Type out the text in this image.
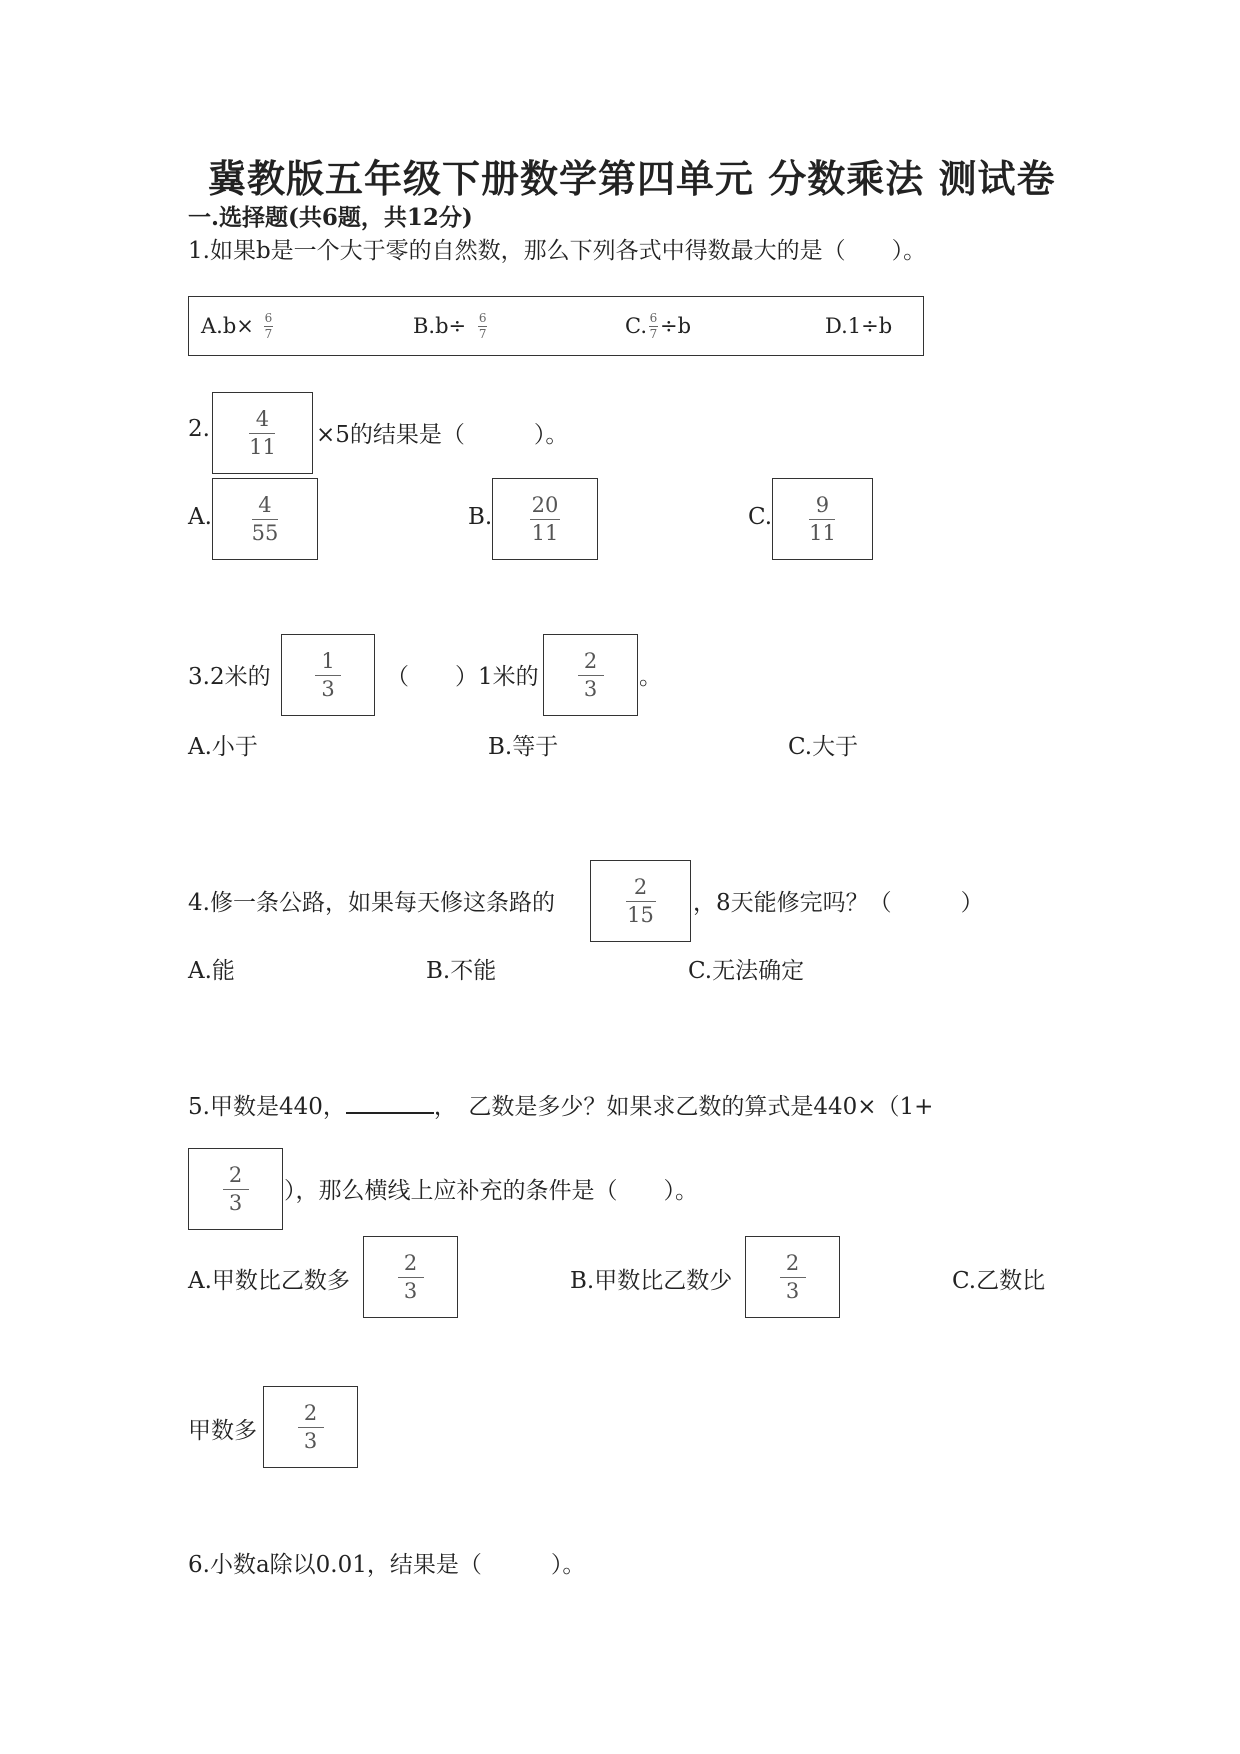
冀教版五年级下册数学第四单元 分数乘法 测试卷
一.选择题(共6题，共12分)
1.如果b是一个大于零的自然数，那么下列各式中得数最大的是（　　）。
$A.b\times \frac{6}{7}$	$B.b\div \frac{6}{7}$	C. $\frac{6}{7} \div b$	D.1÷b
2. $\frac{4}{11} \times 5$的结果是（　　　）。
A. $\frac{4}{55}$	B. $\frac{20}{11}$	C. $\frac{9}{11}$
3.2米的 $\frac{1}{3}$ （　　）1米的 $\frac{2}{3}$ 。
A.小于	B.等于	C.大于
4.修一条公路，如果每天修这条路的	$\frac{2}{15}$ ，8天能修完吗？（　　　）
A.能	B.不能	C.无法确定
5.甲数是440，	，　乙数是多少？如果求乙数的算式是440×（1+
$\frac{2}{3}$ ），那么横线上应补充的条件是（　　）。
A.甲数比乙数多 $\frac{2}{3}$	B.甲数比乙数少 $\frac{2}{3}$	C.乙数比
甲数多 $\frac{2}{3}$
6.小数a除以0.01，结果是（　　　）。
